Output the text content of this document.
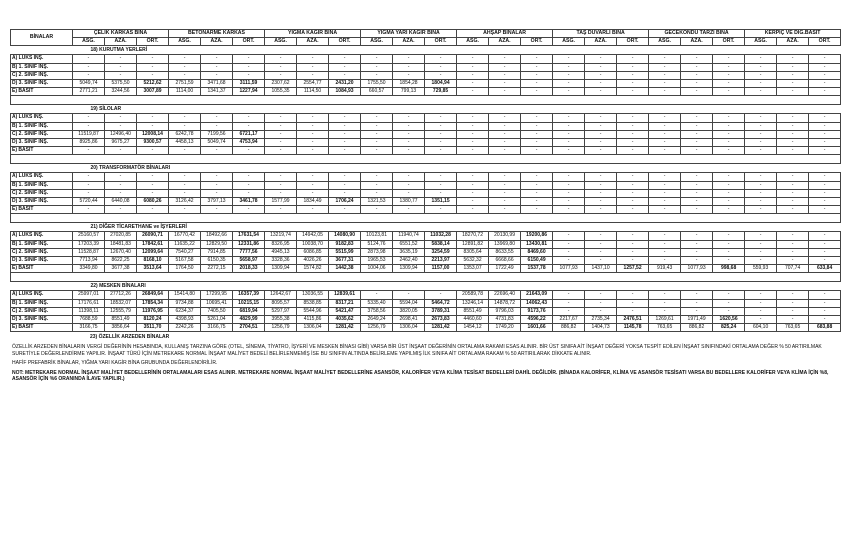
BİNALAR	ÇELİK KARKAS BİNA			BETONARME KARKAS			YIĞMA KAGİR BİNA			YIĞMA YARI KAGİR BİNA			AHŞAP BİNALAR			TAŞ DUVARLI BİNA			GECEKONDU TARZI BİNA			KERPİÇ VE DİĞ.BASİT		
	ASG.	AZA.	ORT.	ASG.	AZA.	ORT.	ASG.	AZA.	ORT.	ASG.	AZA.	ORT.	ASG.	AZA.	ORT.	ASG.	AZA.	ORT.	ASG.	AZA.	ORT.	ASG.	AZA.	ORT.
18) KURUTMA YERLERİ																								
A) LÜKS İNŞ.	-	-	-	-	-	-	-	-	-	-	-	-	-	-	-	-	-	-	-	-	-	-	-	-
B) 1. SINIF İNŞ.	-	-	-	-	-	-	-	-	-	-	-	-	-	-	-	-	-	-	-	-	-	-	-	-
C) 2. SINIF İNŞ.	-	-	-	-	-	-	-	-	-	-	-	-	-	-	-	-	-	-	-	-	-	-	-	-
D) 3. SINIF İNŞ.	5049,74	5375,50	5212,62	2751,59	3471,68	3111,59	2307,62	2554,77	2431,20	1755,50	1854,28	1804,94	-	-	-	-	-	-	-	-	-	-	-	-
E) BASİT	2771,21	3244,56	3007,89	1114,00	1341,37	1227,94	1055,35	1114,50	1084,93	660,57	799,13	729,85	-	-	-	-	-	-	-	-	-	-	-	-

19) SİLOLAR																								
A) LÜKS İNŞ.	-	-	-	-	-	-	-	-	-	-	-	-	-	-	-	-	-	-	-	-	-	-	-	-
B) 1. SINIF İNŞ.	-	-	-	-	-	-	-	-	-	-	-	-	-	-	-	-	-	-	-	-	-	-	-	-
C) 2. SINIF İNŞ.	11519,87	12496,40	12008,14	6242,78	7199,56	6721,17	-	-	-	-	-	-	-	-	-	-	-	-	-	-	-	-	-	-
D) 3. SINIF İNŞ.	8925,86	9675,27	9300,57	4458,13	5049,74	4753,94	-	-	-	-	-	-	-	-	-	-	-	-	-	-	-	-	-	-
E) BASİT	-	-	-	-	-	-	-	-	-	-	-	-	-	-	-	-	-	-	-	-	-	-	-	-

20) TRANSFORMATÖR BİNALARI																								
A) LÜKS İNŞ.	-	-	-	-	-	-	-	-	-	-	-	-	-	-	-	-	-	-	-	-	-	-	-	-
B) 1. SINIF İNŞ.	-	-	-	-	-	-	-	-	-	-	-	-	-	-	-	-	-	-	-	-	-	-	-	-
C) 2. SINIF İNŞ.	-	-	-	-	-	-	-	-	-	-	-	-	-	-	-	-	-	-	-	-	-	-	-	-
D) 3. SINIF İNŞ.	5720,44	6440,08	6080,26	3126,42	3797,13	3461,78	1577,99	1834,49	1706,24	1321,53	1380,77	1351,15	-	-	-	-	-	-	-	-	-	-	-	-
E) BASİT	-	-	-	-	-	-	-	-	-	-	-	-	-	-	-	-	-	-	-	-	-	-	-	-

21) DİĞER TİCARETHANE ve İŞYERLERİ																								
A) LÜKS İNŞ.	25160,57	27020,85	26090,71	16770,42	18492,66	17631,54	13219,74	14942,05	14080,90	10123,81	11940,74	11032,28	18270,72	20130,99	19200,86	-	-	-	-	-	-	-	-	-
B) 1. SINIF İNŞ.	17203,39	18481,83	17842,61	11635,22	12829,50	12331,86	8326,95	10038,70	9182,83	5124,76	6551,52	5838,14	12891,82	13969,80	13430,81	-	-	-	-	-	-	-	-	-
C) 2. SINIF İNŞ.	11528,87	12670,40	12099,64	7540,27	7914,85	7777,56	4945,13	6086,85	5515,99	2873,98	3635,19	3254,59	8305,64	8633,55	8469,60	-	-	-	-	-	-	-	-	-
D) 3. SINIF İNŞ.	7713,94	8622,25	8168,10	5167,58	6150,35	5658,97	3328,36	4026,26	3677,31	1965,53	2462,40	2213,97	5632,32	6668,66	6150,49	-	-	-	-	-	-	-	-	-
E) BASİT	3349,80	3677,38	3513,64	1764,50	2272,15	2018,33	1309,94	1574,82	1442,38	1004,06	1309,94	1157,00	1353,07	1722,49	1537,78	1077,93	1437,10	1257,52	919,43	1077,93	998,68	559,93	707,74	633,84

22) MESKEN BİNALARI																								
A) LÜKS İNŞ.	25997,01	27712,26	26849,64	15414,80	17299,95	16357,39	12642,67	13036,55	12839,61	-	-	-	20589,78	22696,40	21643,09	-	-	-	-	-	-	-	-	-
B) 1. SINIF İNŞ.	17176,61	18532,07	17854,34	9734,88	10695,41	10215,15	8095,57	8538,85	8317,21	5335,40	5594,04	5464,72	13246,14	14878,72	14062,43	-	-	-	-	-	-	-	-	-
C) 2. SINIF İNŞ.	11398,11	12555,79	11976,95	6234,37	7405,50	6819,94	5297,97	5544,96	5421,47	3758,56	3820,05	3789,31	8551,49	9796,03	9173,76	-	-	-	-	-	-	-	-	-
D) 3. SINIF İNŞ.	7688,59	8551,49	8120,24	4398,93	5261,04	4829,99	3955,38	4115,86	4035,62	2649,24	2698,41	2673,83	4460,60	4731,83	4596,22	2217,67	2735,34	2476,51	1269,61	1971,49	1620,56	-	-	-
E) BASİT	3166,75	3856,64	3511,70	2242,26	3166,75	2704,51	1256,79	1306,04	1281,42	1256,79	1306,04	1281,42	1454,12	1749,20	1601,66	886,82	1404,73	1145,78	763,65	886,82	825,24	604,10	763,65	683,88
23) ÖZELLİK ARZEDEN BİNALAR

ÖZELLİK ARZEDEN BİNALARIN VERGİ DEĞERİNİN HESABINDA, KULLANIŞ TARZINA GÖRE (OTEL, SİNEMA, TİYATRO, İŞYERİ VE MESKEN BİNASI GİBİ) VARSA BİR ÜST İNŞAAT DEĞERİNİN ORTALAMA RAKAMI ESAS ALINIR. BİR ÜST SINIFA AİT İNŞAAT DEĞERİ YOKSA TESPİT EDİLEN İNŞAAT SINIFINDAKİ ORTALAMA DEĞER % 50 ARTIRILMAK SURETİYLE DEĞERLENDİRME YAPILIR. İNŞAAT TÜRÜ İÇİN METREKARE NORMAL İNŞAAT MALİYET BEDELİ BELİRLENMEMİŞ İSE BU SINIFIN ALTINDA BELİRLEME YAPILMIŞ İLK SINIFA AİT ORTALAMA RAKAM % 50 ARTIRILARAK DİKKATE ALINIR.

HAFİF PREFABRİK BİNALAR, YIĞMA YARI KAGİR BİNA GRUBUNDA DEĞERLENDİRİLİR.

NOT: METREKARE NORMAL İNŞAAT MALİYET BEDELLERİNİN ORTALAMALARI ESAS ALINIR. METREKARE NORMAL İNŞAAT MALİYET BEDELLERİNE ASANSÖR, KALORİFER VEYA KLİMA TESİSAT BEDELLERİ DAHİL DEĞİLDİR. (BİNADA KALORİFER, KLİMA VE ASANSÖR TESİSATI VARSA BU BEDELLERE KALORİFER VEYA KLİMA İÇİN %8, ASANSÖR İÇİN %6 ORANINDA İLAVE YAPILIR.)
